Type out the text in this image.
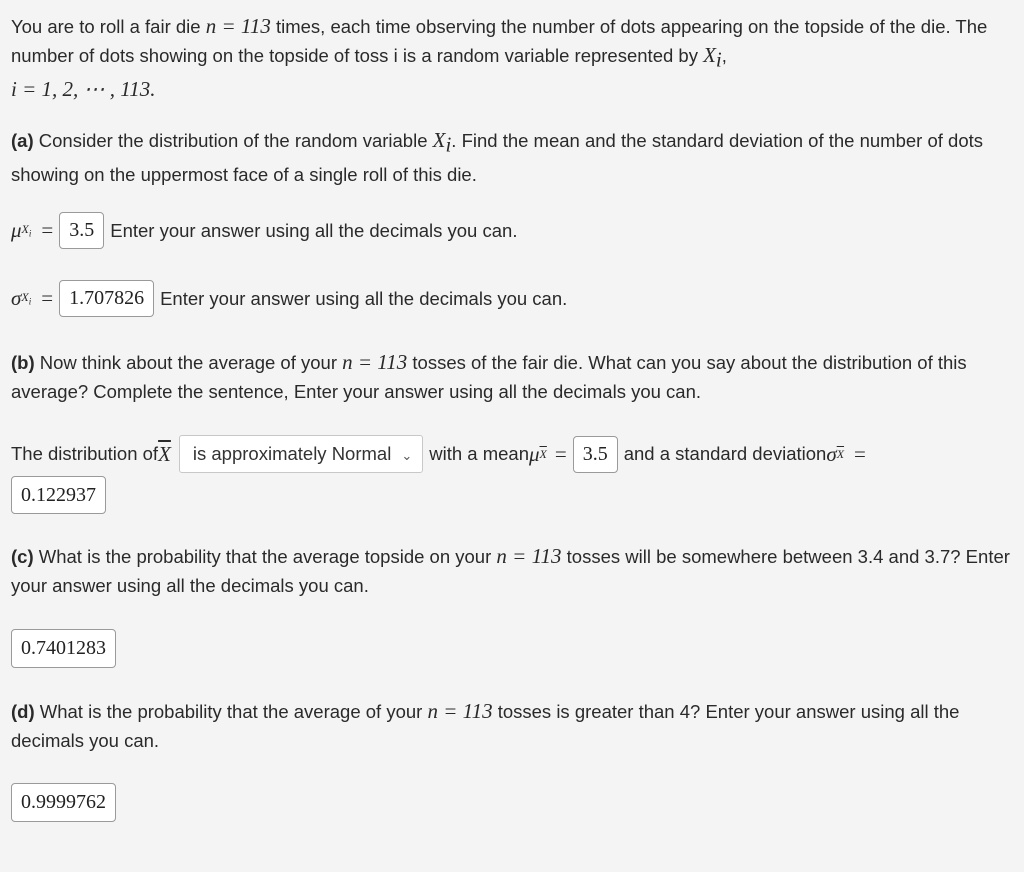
You are to roll a fair die n = 113 times, each time observing the number of dots appearing on the topside of the die. The number of dots showing on the topside of toss i is a random variable represented by $X_i$,
i = 1, 2, ⋯ , 113.

(a) Consider the distribution of the random variable $X_i$. Find the mean and the standard deviation of the number of dots showing on the uppermost face of a single roll of this die.

μ $X_i = 3.5$ Enter your answer using all the decimals you can.
σ $X_i = 1.707826$ Enter your answer using all the decimals you can.

(b) Now think about the average of your n = 113 tosses of the fair die. What can you say about the distribution of this average? Complete the sentence, Enter your answer using all the decimals you can.

The distribution of $\overline{X}$	is approximately Normal ⌄ with a mean μ $\overline{X} = 3.5$ and a standard deviation σ $\overline{X}$ =
0.122937

(c) What is the probability that the average topside on your n = 113 tosses will be somewhere between 3.4 and 3.7? Enter your answer using all the decimals you can.

0.7401283

(d) What is the probability that the average of your n = 113 tosses is greater than 4? Enter your answer using all the decimals you can.

0.9999762
